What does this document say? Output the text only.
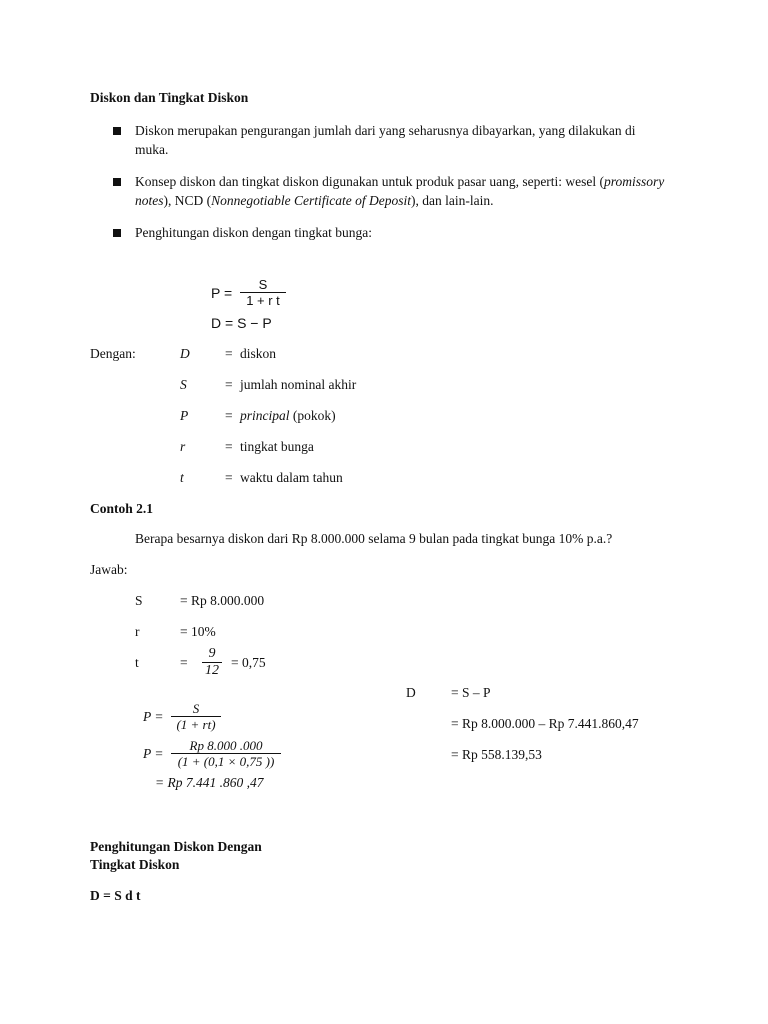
Diskon dan Tingkat Diskon
Diskon merupakan pengurangan jumlah dari yang seharusnya dibayarkan, yang dilakukan di muka.
Konsep diskon dan tingkat diskon digunakan untuk produk pasar uang, seperti: wesel (promissory notes), NCD (Nonnegotiable Certificate of Deposit), dan lain-lain.
Penghitungan diskon dengan tingkat bunga:
$P = \frac{S}{\text{1 + r t}}$
D = S − P
Dengan:	D	= diskon
S	= jumlah nominal akhir
P	= principal (pokok)
r	= tingkat bunga
t	= waktu dalam tahun
Contoh 2.1
Berapa besarnya diskon dari Rp 8.000.000 selama 9 bulan pada tingkat bunga 10% p.a.?
Jawab:
S	= Rp 8.000.000
r	= 10%
t	= $\frac{9}{12} = 0,75$
$P = \frac{S}{(1 + rt)}$
$P = \frac{Rp 8.000 .000}{(1 + (0,1 \times 0,75 ))}$
= Rp 7.441 .860 ,47
D	= S – P
= Rp 8.000.000 – Rp 7.441.860,47
= Rp 558.139,53
Penghitungan Diskon Dengan
Tingkat Diskon
D = S d t
